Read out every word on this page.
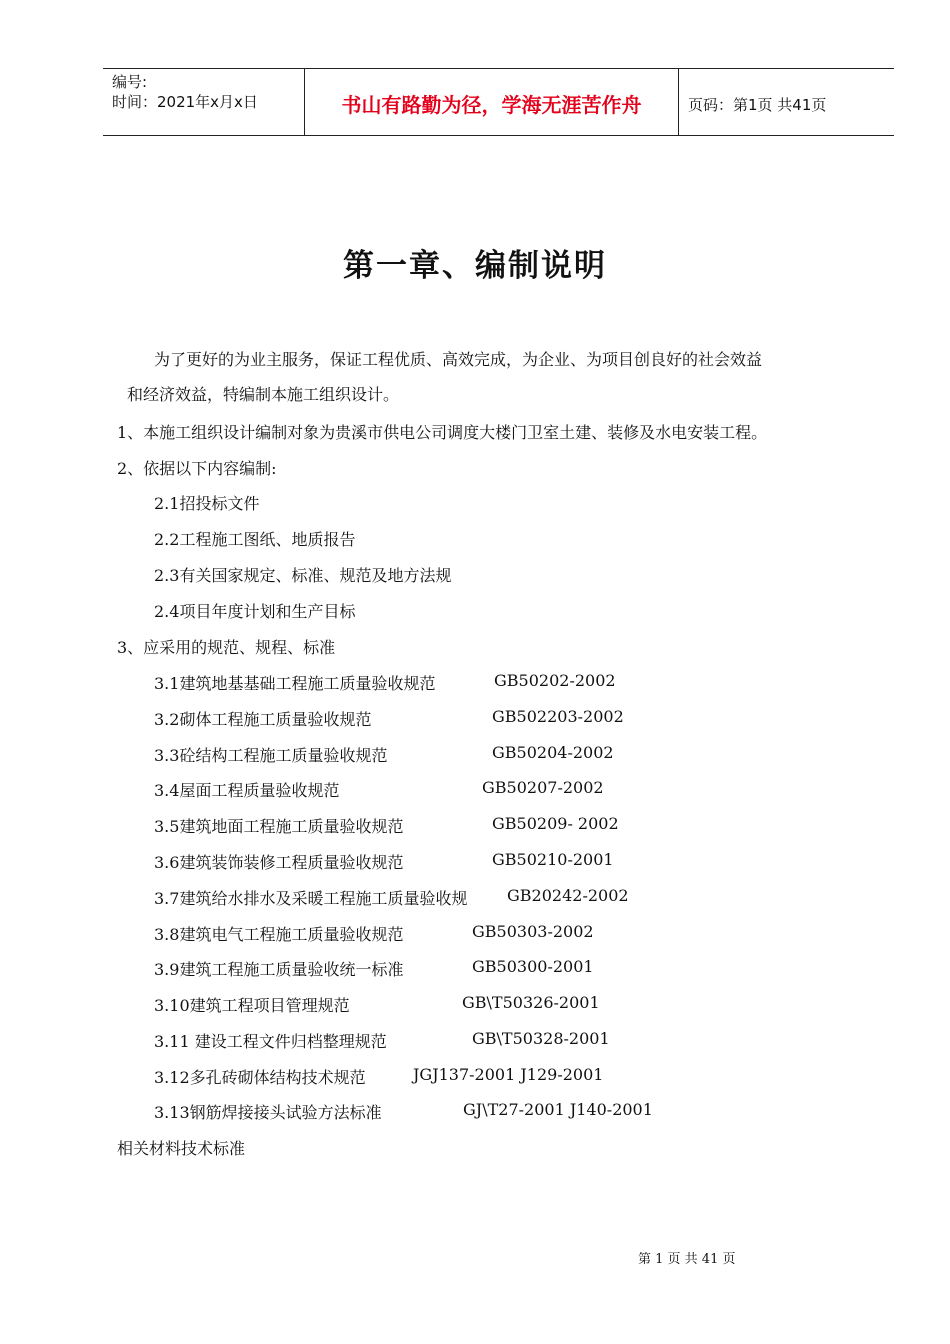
编号:
时间：2021年x月x日	书山有路勤为径，学海无涯苦作舟	页码：第1页 共41页
第一章、编制说明
为了更好的为业主服务，保证工程优质、高效完成，为企业、为项目创良好的社会效益
和经济效益，特编制本施工组织设计。
1、本施工组织设计编制对象为贵溪市供电公司调度大楼门卫室土建、装修及水电安装工程。
2、依据以下内容编制:
2.1招投标文件
2.2工程施工图纸、地质报告
2.3有关国家规定、标准、规范及地方法规
2.4项目年度计划和生产目标
3、应采用的规范、规程、标准
3.1建筑地基基础工程施工质量验收规范	GB50202-2002
3.2砌体工程施工质量验收规范	GB502203-2002
3.3砼结构工程施工质量验收规范	GB50204-2002
3.4屋面工程质量验收规范	GB50207-2002
3.5建筑地面工程施工质量验收规范	GB50209- 2002
3.6建筑装饰装修工程质量验收规范	GB50210-2001
3.7建筑给水排水及采暖工程施工质量验收规 GB20242-2002
3.8建筑电气工程施工质量验收规范	GB50303-2002
3.9建筑工程施工质量验收统一标准	GB50300-2001
3.10建筑工程项目管理规范	GB\T50326-2001
3.11 建设工程文件归档整理规范	GB\T50328-2001
3.12多孔砖砌体结构技术规范	JGJ137-2001 J129-2001
3.13钢筋焊接接头试验方法标准	GJ\T27-2001 J140-2001
相关材料技术标准
第 1 页 共 41 页
